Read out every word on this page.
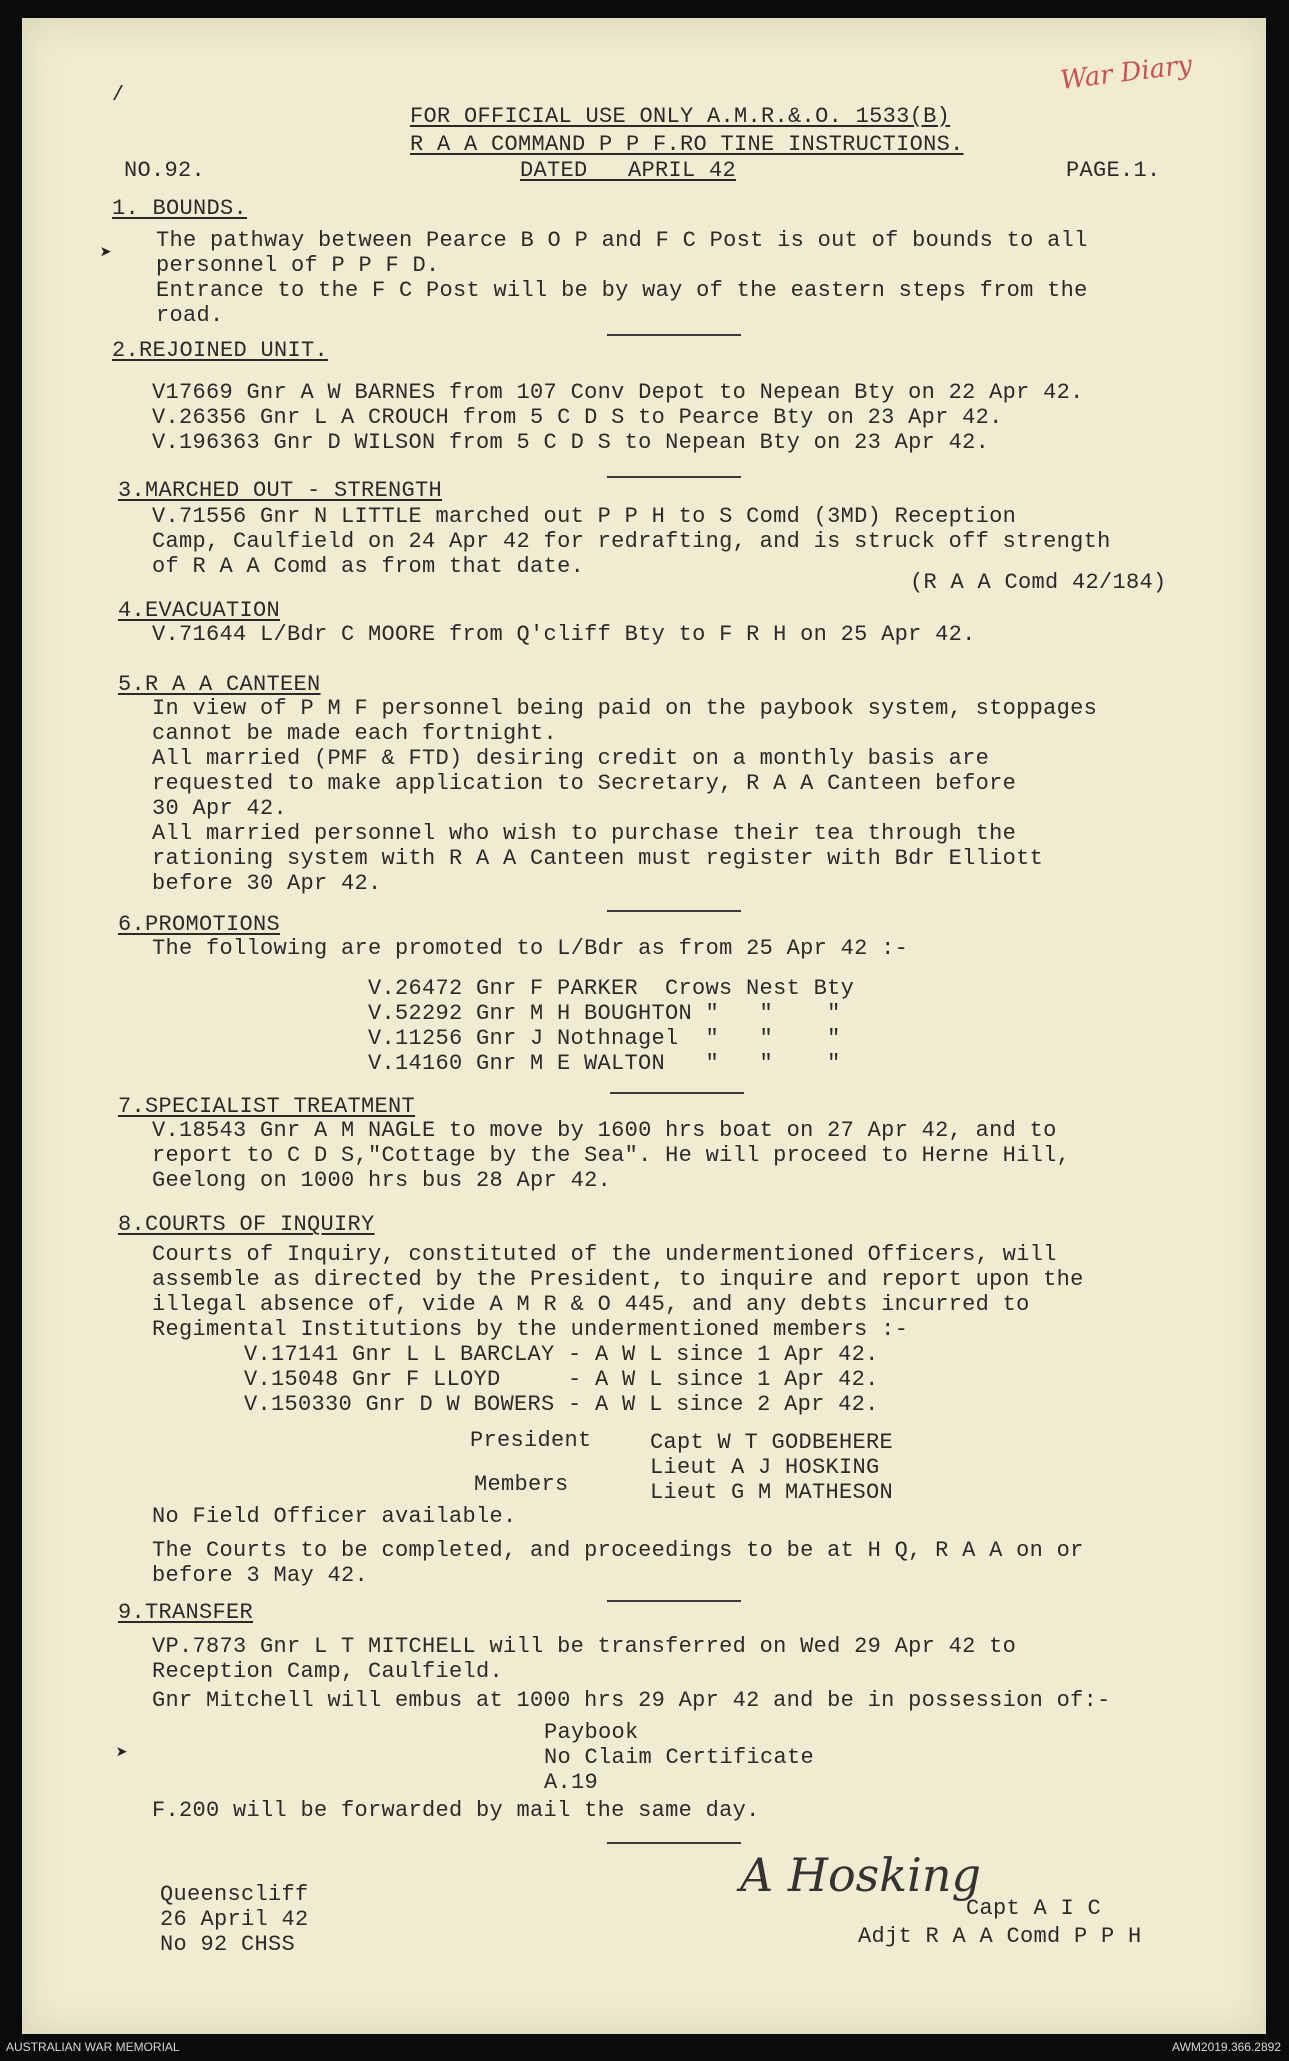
War Diary
/
FOR OFFICIAL USE ONLY A.M.R.&.O. 1533(B)
R A A COMMAND P P F.RO TINE INSTRUCTIONS.
NO.92.	DATED   APRIL 42	PAGE.1.
1. BOUNDS.
➤
The pathway between Pearce B O P and F C Post is out of bounds to all
personnel of P P F D.
Entrance to the F C Post will be by way of the eastern steps from the
road.
2.REJOINED UNIT.
V17669 Gnr A W BARNES from 107 Conv Depot to Nepean Bty on 22 Apr 42.
V.26356 Gnr L A CROUCH from 5 C D S to Pearce Bty on 23 Apr 42.
V.196363 Gnr D WILSON from 5 C D S to Nepean Bty on 23 Apr 42.
3.MARCHED OUT - STRENGTH
V.71556 Gnr N LITTLE marched out P P H to S Comd (3MD) Reception
Camp, Caulfield on 24 Apr 42 for redrafting, and is struck off strength
of R A A Comd as from that date.
(R A A Comd 42/184)
4.EVACUATION
V.71644 L/Bdr C MOORE from Q'cliff Bty to F R H on 25 Apr 42.
5.R A A CANTEEN
In view of P M F personnel being paid on the paybook system, stoppages
cannot be made each fortnight.
All married (PMF & FTD) desiring credit on a monthly basis are
requested to make application to Secretary, R A A Canteen before
30 Apr 42.
All married personnel who wish to purchase their tea through the
rationing system with R A A Canteen must register with Bdr Elliott
before 30 Apr 42.
6.PROMOTIONS
The following are promoted to L/Bdr as from 25 Apr 42 :-
V.26472 Gnr F PARKER  Crows Nest Bty
V.52292 Gnr M H BOUGHTON "   "    "
V.11256 Gnr J Nothnagel  "   "    "
V.14160 Gnr M E WALTON   "   "    "
7.SPECIALIST TREATMENT
V.18543 Gnr A M NAGLE to move by 1600 hrs boat on 27 Apr 42, and to
report to C D S,"Cottage by the Sea". He will proceed to Herne Hill,
Geelong on 1000 hrs bus 28 Apr 42.
8.COURTS OF INQUIRY
Courts of Inquiry, constituted of the undermentioned Officers, will
assemble as directed by the President, to inquire and report upon the
illegal absence of, vide A M R & O 445, and any debts incurred to
Regimental Institutions by the undermentioned members :-
V.17141 Gnr L L BARCLAY - A W L since 1 Apr 42.
V.15048 Gnr F LLOYD     - A W L since 1 Apr 42.
V.150330 Gnr D W BOWERS - A W L since 2 Apr 42.
President	Capt W T GODBEHERE
Lieut A J HOSKING
Members	Lieut G M MATHESON
No Field Officer available.
The Courts to be completed, and proceedings to be at H Q, R A A on or
before 3 May 42.
9.TRANSFER
VP.7873 Gnr L T MITCHELL will be transferred on Wed 29 Apr 42 to
Reception Camp, Caulfield.
Gnr Mitchell will embus at 1000 hrs 29 Apr 42 and be in possession of:-
Paybook
➤	No Claim Certificate
A.19
F.200 will be forwarded by mail the same day.
Queenscliff
26 April 42
No 92 CHSS
A Hosking
Capt A I C
Adjt R A A Comd P P H
AUSTRALIAN WAR MEMORIAL	AWM2019.366.2892
